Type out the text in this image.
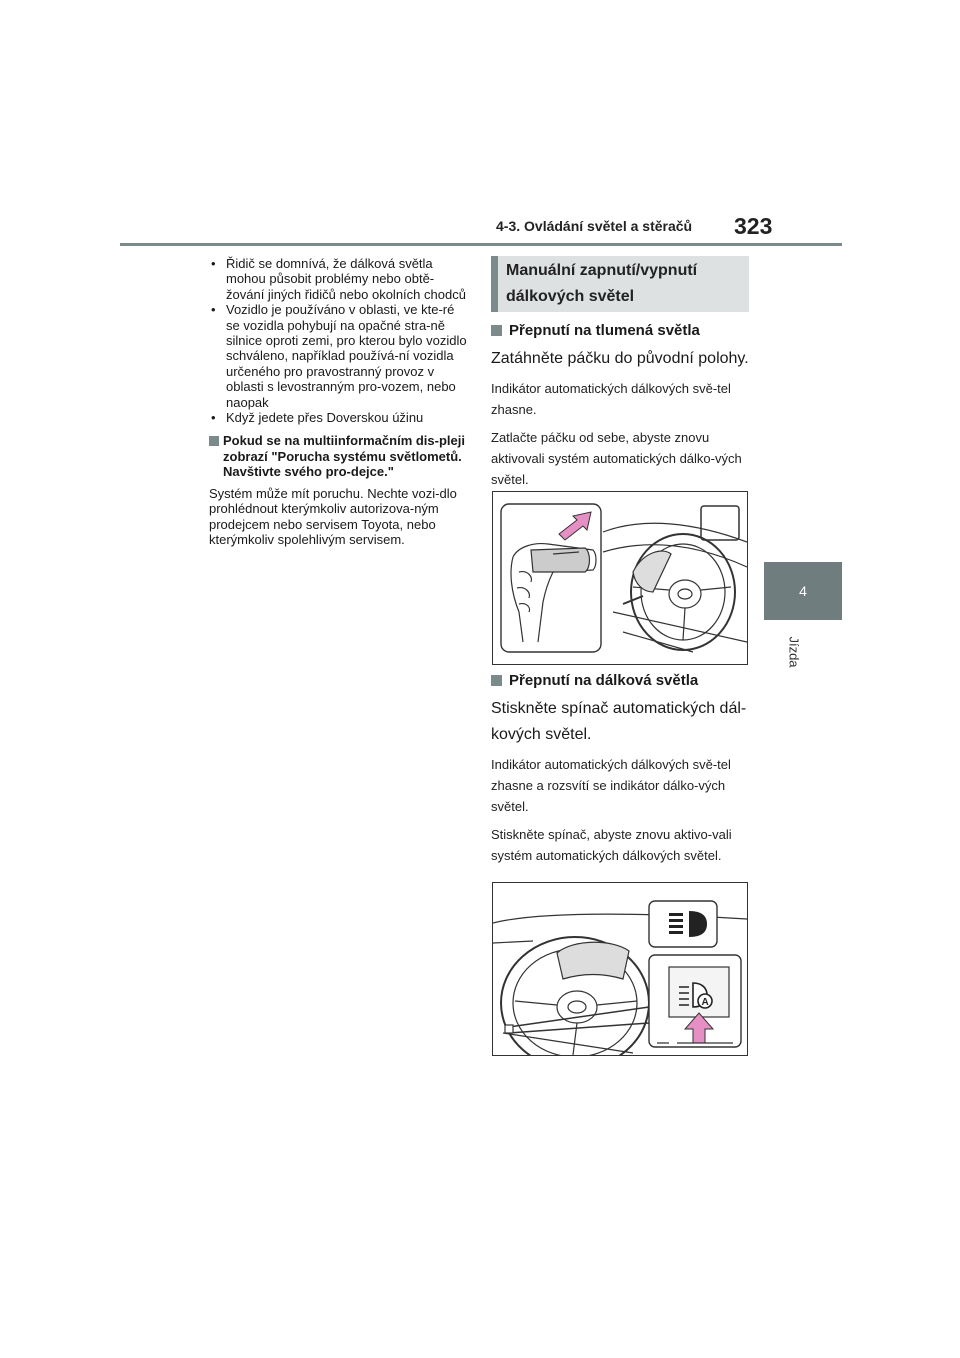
4-3. Ovládání světel a stěračů 323
4
Jízda
• Řidič se domnívá, že dálková světla mohou působit problémy nebo obtě-žování jiných řidičů nebo okolních chodců
• Vozidlo je používáno v oblasti, ve kte-ré se vozidla pohybují na opačné stra-ně silnice oproti zemi, pro kterou bylo vozidlo schváleno, například používá-ní vozidla určeného pro pravostranný provoz v oblasti s levostranným pro-vozem, nebo naopak
• Když jedete přes Doverskou úžinu
Pokud se na multiinformačním dis-pleji zobrazí "Porucha systému světlometů. Navštivte svého pro-dejce."
Systém může mít poruchu. Nechte vozi-dlo prohlédnout kterýmkoliv autorizova-ným prodejcem nebo servisem Toyota, nebo kterýmkoliv spolehlivým servisem.
Manuální zapnutí/vypnutí
dálkových světel
Přepnutí na tlumená světla
Zatáhněte páčku do původní polohy.
Indikátor automatických dálkových svě-tel zhasne.
Zatlačte páčku od sebe, abyste znovu aktivovali systém automatických dálko-vých světel.
Přepnutí na dálková světla
Stiskněte spínač automatických dál-kových světel.
Indikátor automatických dálkových svě-tel zhasne a rozsvítí se indikátor dálko-vých světel.
Stiskněte spínač, abyste znovu aktivo-vali systém automatických dálkových světel.
A
